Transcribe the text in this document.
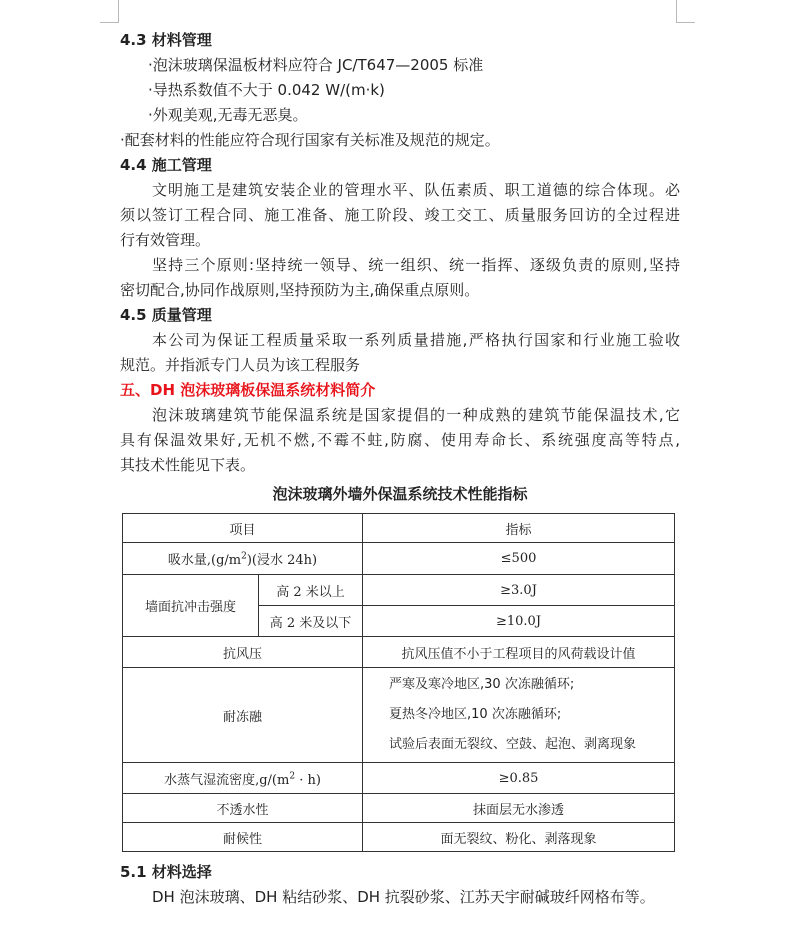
4.3 材料管理
·泡沫玻璃保温板材料应符合 JC/T647—2005 标准
·导热系数值不大于 0.042 W/(m·k)
·外观美观,无毒无恶臭。
·配套材料的性能应符合现行国家有关标准及规范的规定。
4.4 施工管理
文明施工是建筑安装企业的管理水平、队伍素质、职工道德的综合体现。必
须以签订工程合同、施工准备、施工阶段、竣工交工、质量服务回访的全过程进
行有效管理。
坚持三个原则:坚持统一领导、统一组织、统一指挥、逐级负责的原则,坚持
密切配合,协同作战原则,坚持预防为主,确保重点原则。
4.5 质量管理
本公司为保证工程质量采取一系列质量措施,严格执行国家和行业施工验收
规范。并指派专门人员为该工程服务
五、DH 泡沫玻璃板保温系统材料简介
泡沫玻璃建筑节能保温系统是国家提倡的一种成熟的建筑节能保温技术,它
具有保温效果好,无机不燃,不霉不蛀,防腐、使用寿命长、系统强度高等特点,
其技术性能见下表。
泡沫玻璃外墙外保温系统技术性能指标
项目		指标
吸水量$,(g/m^2)$(浸水 24h)		≤500
墙面抗冲击强度	高 2 米以上	≥3.0J
	高 2 米及以下	≥10.0J
抗风压		抗风压值不小于工程项目的风荷载设计值
耐冻融		严寒及寒冷地区,30 次冻融循环;
夏热冬冷地区,10 次冻融循环;
试验后表面无裂纹、空鼓、起泡、剥离现象

水蒸气湿流密度$,g/(m^2 \cdot h)$		≥0.85
不透水性		抹面层无水渗透
耐候性		面无裂纹、粉化、剥落现象
5.1 材料选择
DH 泡沫玻璃、DH 粘结砂浆、DH 抗裂砂浆、江苏天宇耐碱玻纤网格布等。
